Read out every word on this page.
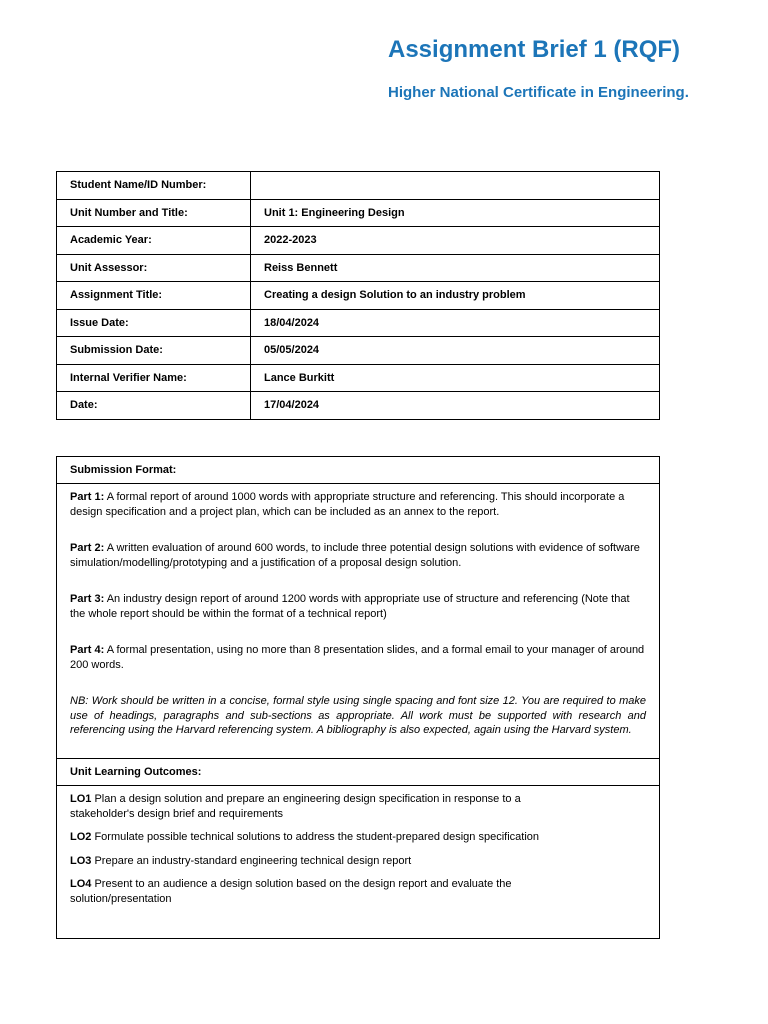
Assignment Brief 1 (RQF)
Higher National Certificate in Engineering.
Student Name/ID Number:	
Unit Number and Title:	Unit 1: Engineering Design
Academic Year:	2022-2023
Unit Assessor:	Reiss Bennett
Assignment Title:	Creating a design Solution to an industry problem
Issue Date:	18/04/2024
Submission Date:	05/05/2024
Internal Verifier Name:	Lance Burkitt
Date:	17/04/2024
Submission Format:

Part 1: A formal report of around 1000 words with appropriate structure and referencing. This should incorporate a design specification and a project plan, which can be included as an annex to the report.

Part 2: A written evaluation of around 600 words, to include three potential design solutions with evidence of software simulation/modelling/prototyping and a justification of a proposal design solution.

Part 3: An industry design report of around 1200 words with appropriate use of structure and referencing (Note that the whole report should be within the format of a technical report)

Part 4: A formal presentation, using no more than 8 presentation slides, and a formal email to your manager of around 200 words.

NB: Work should be written in a concise, formal style using single spacing and font size 12. You are required to make use of headings, paragraphs and sub-sections as appropriate. All work must be supported with research and referencing using the Harvard referencing system. A bibliography is also expected, again using the Harvard system.

Unit Learning Outcomes:

LO1 Plan a design solution and prepare an engineering design specification in response to a
stakeholder's design brief and requirements

LO2 Formulate possible technical solutions to address the student-prepared design specification

LO3 Prepare an industry-standard engineering technical design report

LO4 Present to an audience a design solution based on the design report and evaluate the
solution/presentation
